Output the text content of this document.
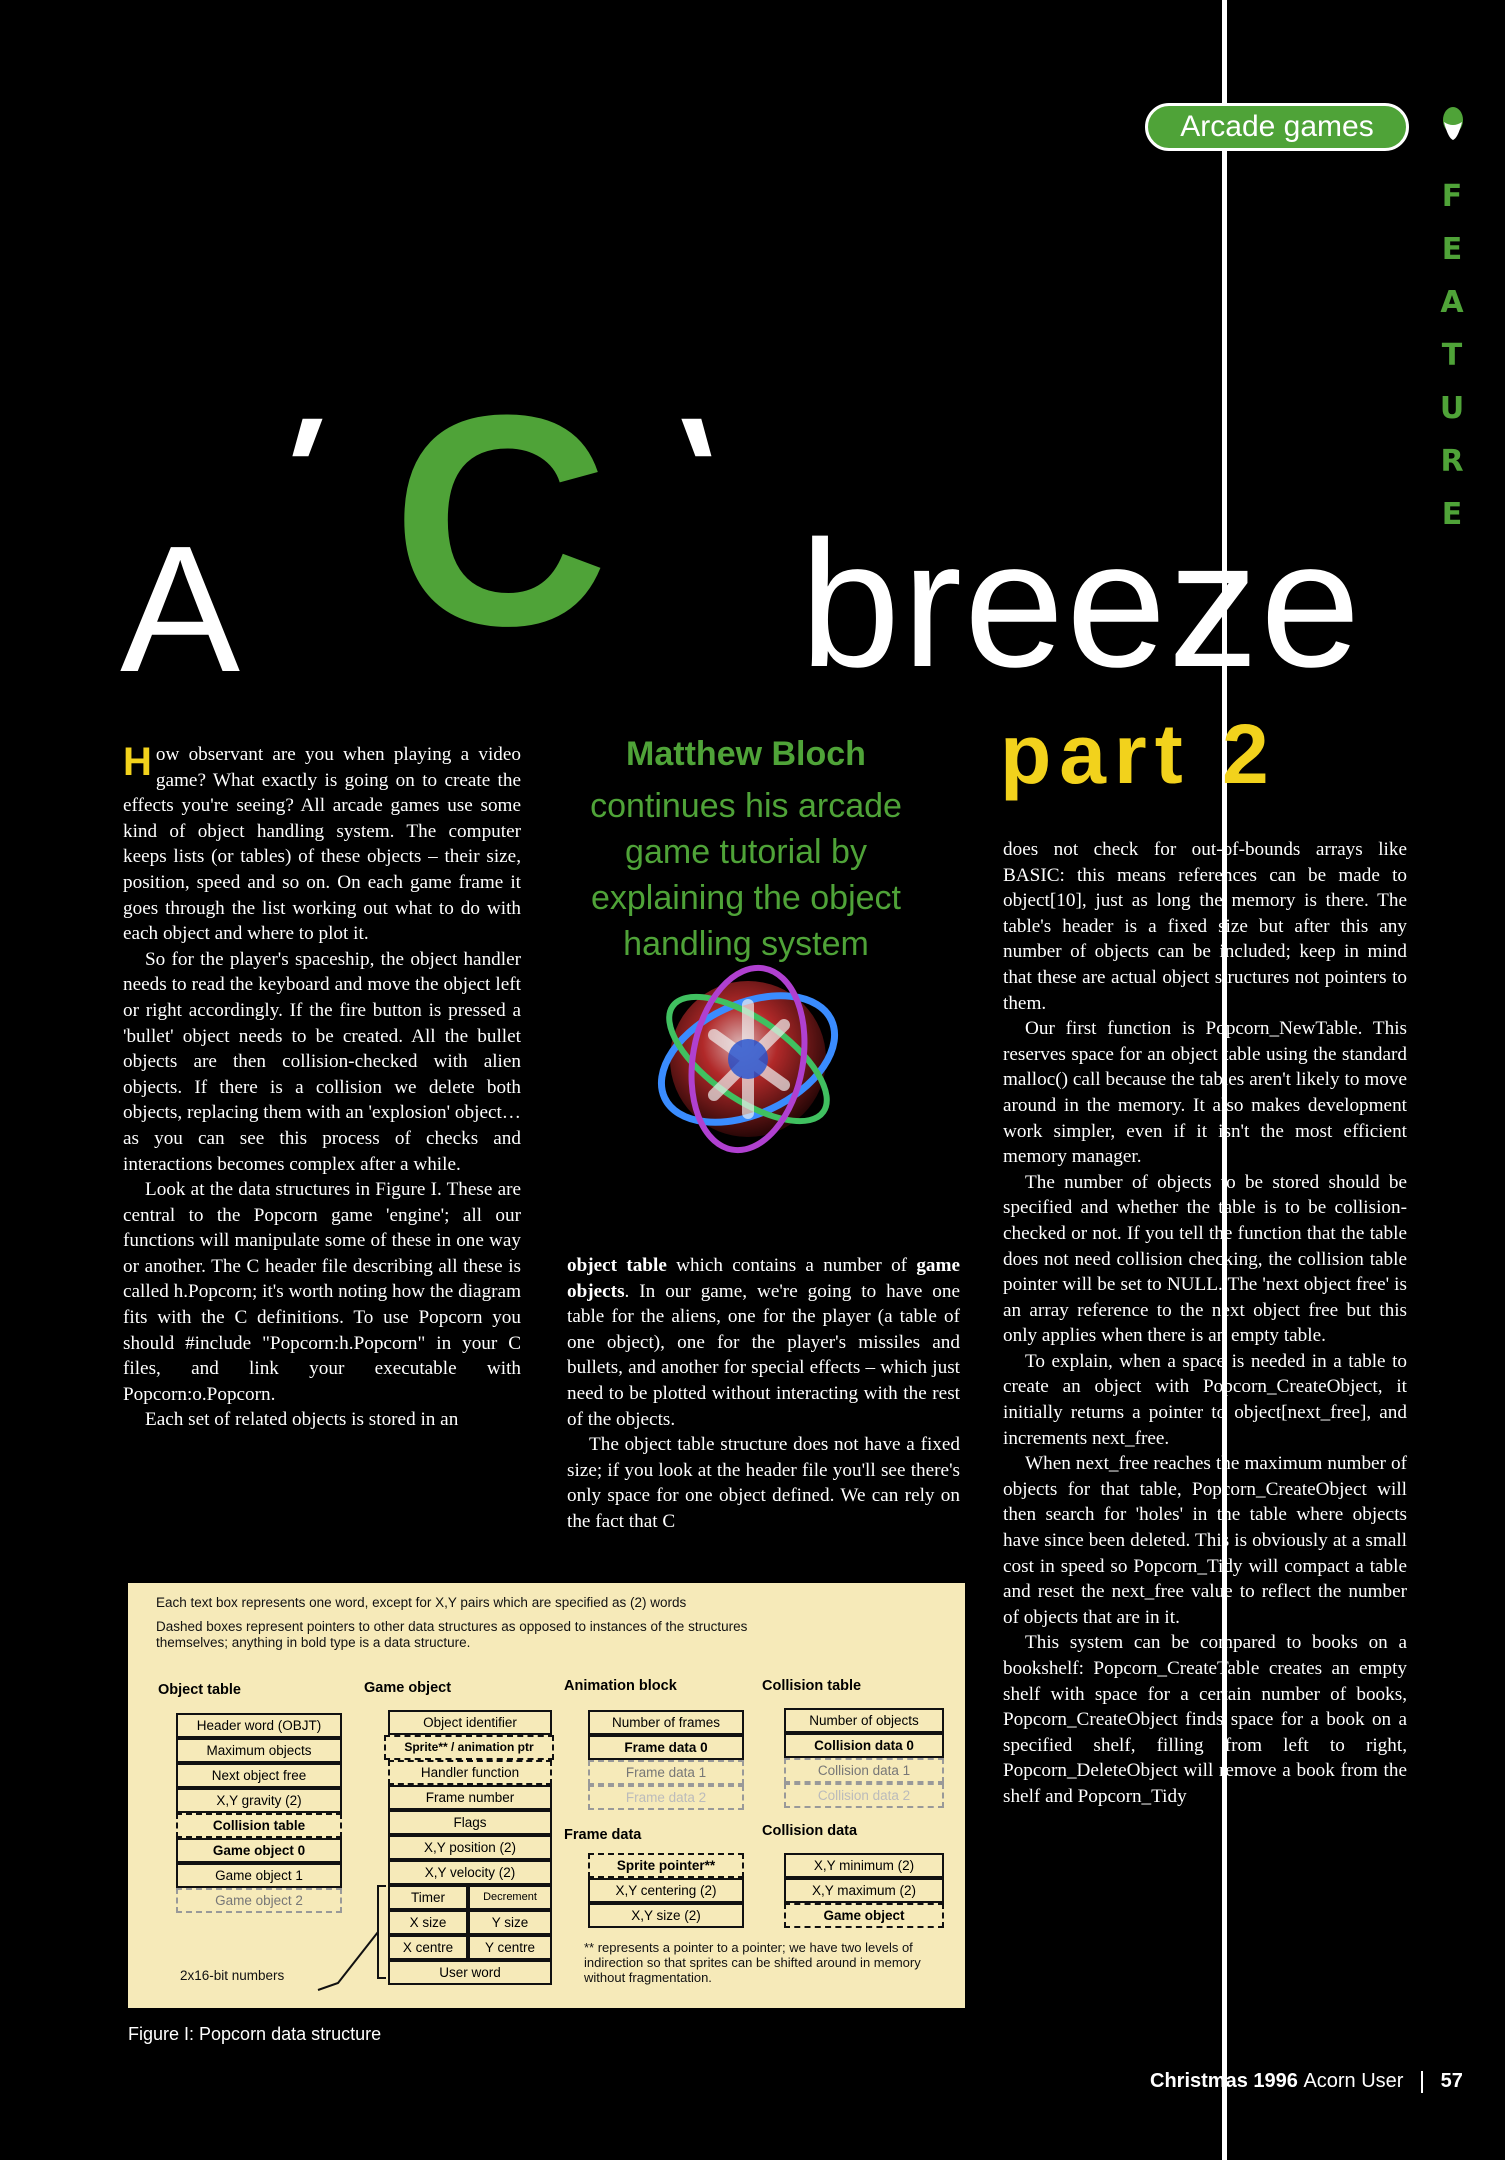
Arcade games
F
E
A
T
U
R
E
A
' C '
breeze
part 2
Matthew Bloch
continues his arcade game tutorial by explaining the object handling system

How observant are you when playing a video game? What exactly is going on to create the effects you're seeing? All arcade games use some kind of object handling system. The computer keeps lists (or tables) of these objects – their size, position, speed and so on. On each game frame it goes through the list working out what to do with each object and where to plot it.

So for the player's spaceship, the object handler needs to read the keyboard and move the object left or right accordingly. If the fire button is pressed a 'bullet' object needs to be created. All the bullet objects are then collision-checked with alien objects. If there is a collision we delete both objects, replacing them with an 'explosion' object… as you can see this process of checks and interactions becomes complex after a while.

Look at the data structures in Figure I. These are central to the Popcorn game 'engine'; all our functions will manipulate some of these in one way or another. The C header file describing all these is called h.Popcorn; it's worth noting how the diagram fits with the C definitions. To use Popcorn you should #include "Popcorn:h.Popcorn" in your C files, and link your executable with Popcorn:o.Popcorn.

Each set of related objects is stored in an

object table which contains a number of game objects. In our game, we're going to have one table for the aliens, one for the player (a table of one object), one for the player's missiles and bullets, and another for special effects – which just need to be plotted without interacting with the rest of the objects.

The object table structure does not have a fixed size; if you look at the header file you'll see there's only space for one object defined. We can rely on the fact that C

does not check for out-of-bounds arrays like BASIC: this means references can be made to object[10], just as long the memory is there. The table's header is a fixed size but after this any number of objects can be included; keep in mind that these are actual object structures not pointers to them.

Our first function is Popcorn_NewTable. This reserves space for an object table using the standard malloc() call because the tables aren't likely to move around in the memory. It also makes development work simpler, even if it isn't the most efficient memory manager.

The number of objects to be stored should be specified and whether the table is to be collision-checked or not. If you tell the function that the table does not need collision checking, the collision table pointer will be set to NULL. The 'next object free' is an array reference to the next object free but this only applies when there is an empty table.

To explain, when a space is needed in a table to create an object with Popcorn_CreateObject, it initially returns a pointer to object[next_free], and increments next_free.

When next_free reaches the maximum number of objects for that table, Popcorn_CreateObject will then search for 'holes' in the table where objects have since been deleted. This is obviously at a small cost in speed so Popcorn_Tidy will compact a table and reset the next_free value to reflect the number of objects that are in it.

This system can be compared to books on a bookshelf: Popcorn_CreateTable creates an empty shelf with space for a certain number of books, Popcorn_CreateObject finds space for a book on a specified shelf, filling from left to right, Popcorn_DeleteObject will remove a book from the shelf and Popcorn_Tidy

Each text box represents one word, except for X,Y pairs which are specified as (2) words
Dashed boxes represent pointers to other data structures as opposed to instances of the structures themselves; anything in bold type is a data structure.
Object table	Game object	Animation block	Collision table
Frame data	Collision data
Header word (OBJT)
Maximum objects
Next object free
X,Y gravity (2)
Collision table
Game object 0
Game object 1
Game object 2
Object identifier
Sprite** / animation ptr
Handler function
Frame number
Flags
X,Y position (2)
X,Y velocity (2)
Timer	Decrement
X size	Y size
X centre	Y centre
User word
Number of frames
Frame data 0
Frame data 1
Frame data 2
Number of objects
Collision data 0
Collision data 1
Collision data 2
Sprite pointer**
X,Y centering (2)
X,Y size (2)
X,Y minimum (2)
X,Y maximum (2)
Game object
2x16-bit numbers
** represents a pointer to a pointer; we have two levels of indirection so that sprites can be shifted around in memory without fragmentation.
Figure I: Popcorn data structure
Christmas 1996 Acorn User 57
